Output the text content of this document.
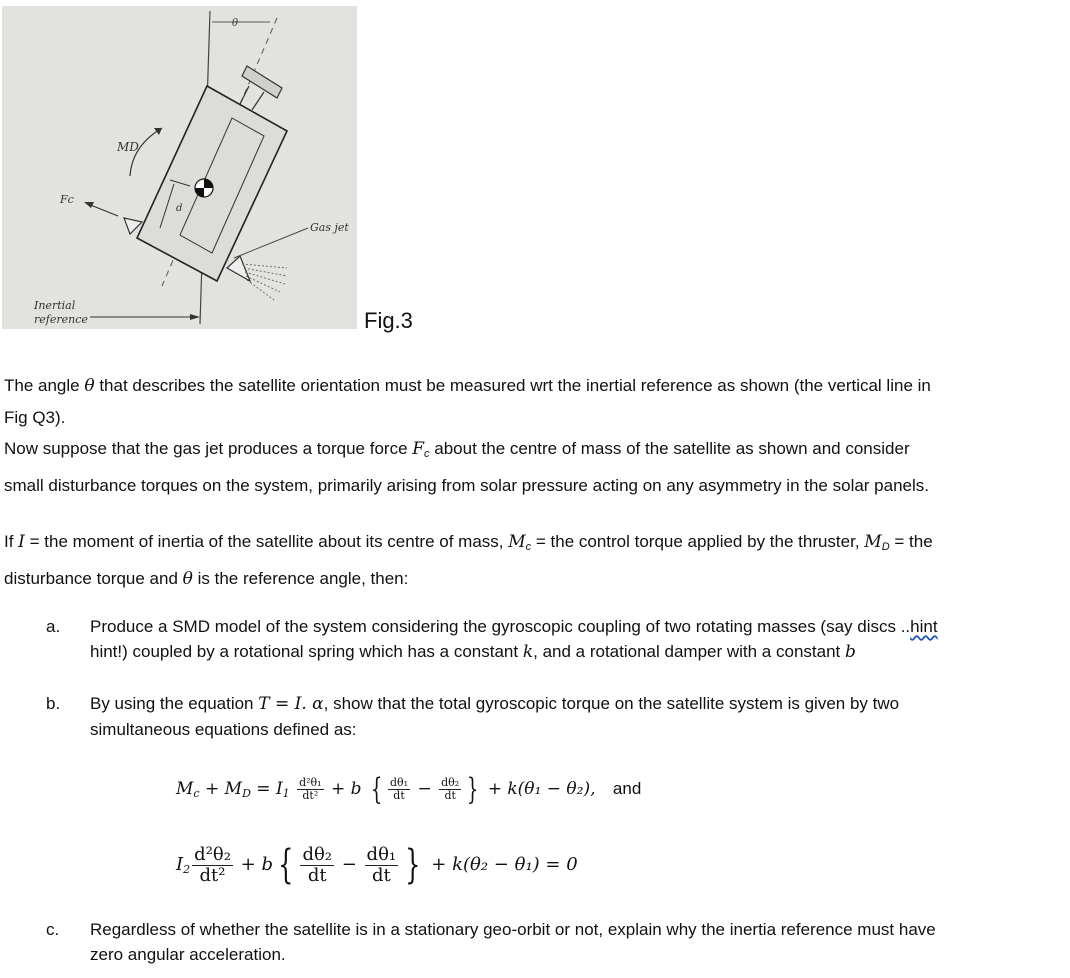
θ
d
MD
Fc
Gas jet
Inertial
reference	Fig.3
The angle θ that describes the satellite orientation must be measured wrt the inertial reference as shown (the vertical line in
Fig Q3).
Now suppose that the gas jet produces a torque force $F_c$ about the centre of mass of the satellite as shown and consider
small disturbance torques on the system, primarily arising from solar pressure acting on any asymmetry in the solar panels.
If I = the moment of inertia of the satellite about its centre of mass, $M_c$ = the control torque applied by the thruster, $M_D$ = the
disturbance torque and θ is the reference angle, then:
a. Produce a SMD model of the system considering the gyroscopic coupling of two rotating masses (say discs ..hint
hint!) coupled by a rotational spring which has a constant k, and a rotational damper with a constant b
b. By using the equation T = I. α, show that the total gyroscopic torque on the satellite system is given by two
simultaneous equations defined as:
$M_c + M_D = I_1 \frac{\text{d²θ₁}}{\text{dt²}} + b$ { $\frac{\text{dθ₁}}{dt} - \frac{\text{dθ₂}}{dt}$ } + k(θ₁ − θ₂), and
$I_2 \frac{\text{d²θ₂}}{\text{dt²}} + b$ { $\frac{\text{dθ₂}}{dt} - \frac{\text{dθ₁}}{dt}$ } + k(θ₂ − θ₁) = 0
c. Regardless of whether the satellite is in a stationary geo-orbit or not, explain why the inertia reference must have
zero angular acceleration.
